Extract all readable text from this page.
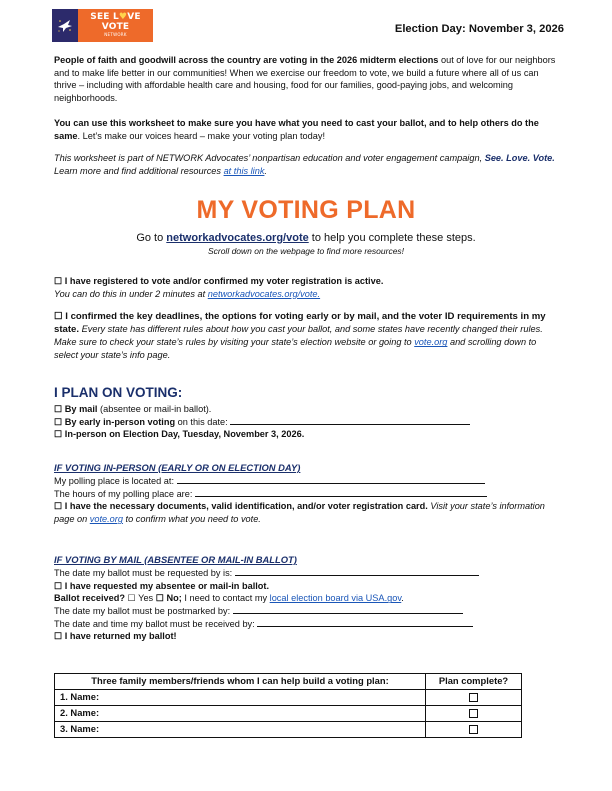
SEE L♥VE VOTE
NETWORK	Election Day: November 3, 2026

People of faith and goodwill across the country are voting in the 2026 midterm elections out of love for our neighbors and to make life better in our communities! When we exercise our freedom to vote, we build a future where all of us can thrive – including with affordable health care and housing, food for our families, good-paying jobs, and welcoming neighborhoods.

You can use this worksheet to make sure you have what you need to cast your ballot, and to help others do the same. Let’s make our voices heard – make your voting plan today!

This worksheet is part of NETWORK Advocates’ nonpartisan education and voter engagement campaign, See. Love. Vote. Learn more and find additional resources at this link.

MY VOTING PLAN
Go to networkadvocates.org/vote to help you complete these steps.
Scroll down on the webpage to find more resources!
☐ I have registered to vote and/or confirmed my voter registration is active.
You can do this in under 2 minutes at networkadvocates.org/vote.
☐ I confirmed the key deadlines, the options for voting early or by mail, and the voter ID requirements in my state. Every state has different rules about how you cast your ballot, and some states have recently changed their rules. Make sure to check your state’s rules by visiting your state’s election website or going to vote.org and scrolling down to select your state’s info page.
I PLAN ON VOTING:
☐ By mail (absentee or mail-in ballot).
☐ By early in-person voting on this date:
☐ In-person on Election Day, Tuesday, November 3, 2026.
IF VOTING IN-PERSON (EARLY OR ON ELECTION DAY)
My polling place is located at:
The hours of my polling place are:
☐ I have the necessary documents, valid identification, and/or voter registration card. Visit your state’s information page on vote.org to confirm what you need to vote.
IF VOTING BY MAIL (ABSENTEE OR MAIL-IN BALLOT)
The date my ballot must be requested by is:
☐ I have requested my absentee or mail-in ballot.
Ballot received? ☐ Yes ☐ No; I need to contact my local election board via USA.gov.
The date my ballot must be postmarked by:
The date and time my ballot must be received by:
☐ I have returned my ballot!
Three family members/friends whom I can help build a voting plan:	Plan complete?
1. Name:	
2. Name:	
3. Name:	
